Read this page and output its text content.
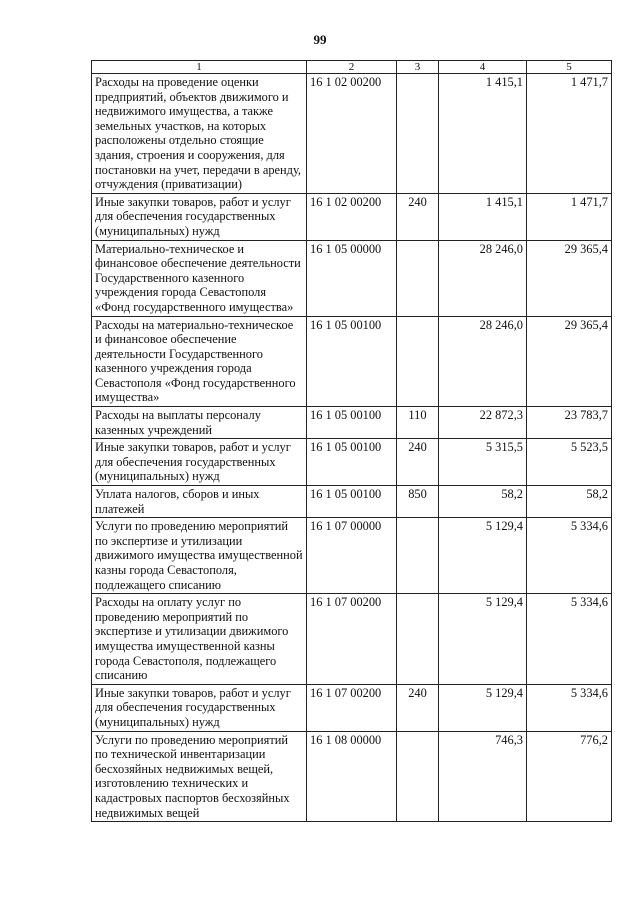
99
1	2	3	4	5
Расходы на проведение оценки предприятий, объектов движимого и недвижимого имущества, а также земельных участков, на которых расположены отдельно стоящие здания, строения и сооружения, для постановки на учет, передачи в аренду, отчуждения (приватизации)	16 1 02 00200		1 415,1	1 471,7
Иные закупки товаров, работ и услуг для обеспечения государственных (муниципальных) нужд	16 1 02 00200	240	1 415,1	1 471,7
Материально-техническое и финансовое обеспечение деятельности Государственного казенного учреждения города Севастополя «Фонд государственного имущества»	16 1 05 00000		28 246,0	29 365,4
Расходы на материально-техническое и финансовое обеспечение деятельности Государственного казенного учреждения города Севастополя «Фонд государственного имущества»	16 1 05 00100		28 246,0	29 365,4
Расходы на выплаты персоналу казенных учреждений	16 1 05 00100	110	22 872,3	23 783,7
Иные закупки товаров, работ и услуг для обеспечения государственных (муниципальных) нужд	16 1 05 00100	240	5 315,5	5 523,5
Уплата налогов, сборов и иных платежей	16 1 05 00100	850	58,2	58,2
Услуги по проведению мероприятий по экспертизе и утилизации движимого имущества имущественной казны города Севастополя, подлежащего списанию	16 1 07 00000		5 129,4	5 334,6
Расходы на оплату услуг по проведению мероприятий по экспертизе и утилизации движимого имущества имущественной казны города Севастополя, подлежащего списанию	16 1 07 00200		5 129,4	5 334,6
Иные закупки товаров, работ и услуг для обеспечения государственных (муниципальных) нужд	16 1 07 00200	240	5 129,4	5 334,6
Услуги по проведению мероприятий по технической инвентаризации бесхозяйных недвижимых вещей, изготовлению технических и кадастровых паспортов бесхозяйных недвижимых вещей	16 1 08 00000		746,3	776,2
